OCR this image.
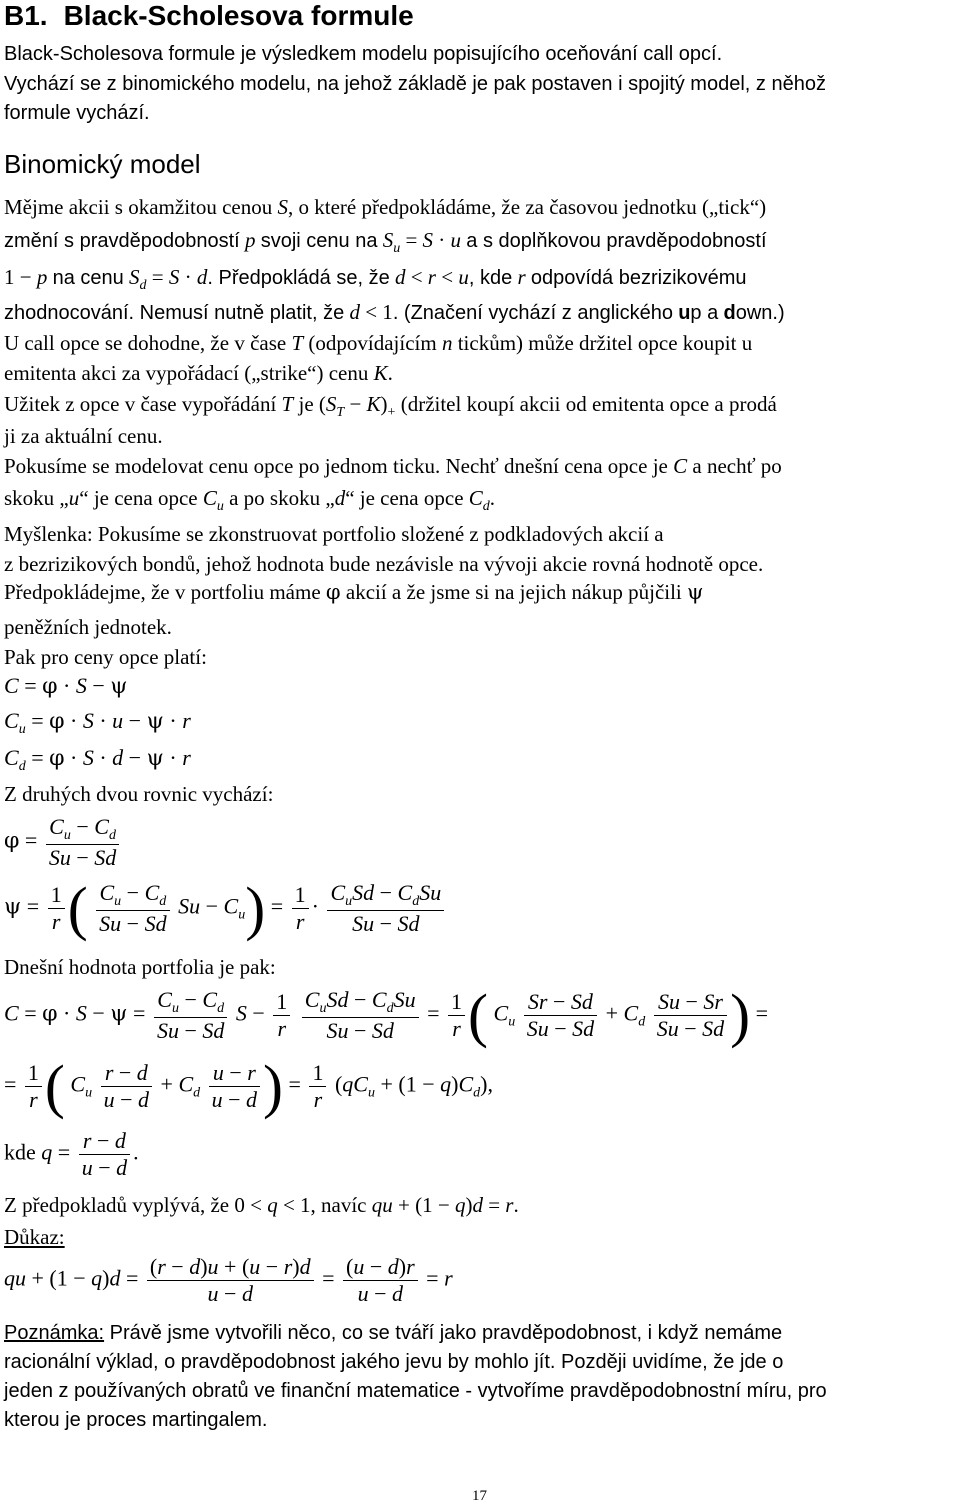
B1. Black-Scholesova formule
Black-Scholesova formule je výsledkem modelu popisujícího oceňování call opcí.
Vychází se z binomického modelu, na jehož základě je pak postaven i spojitý model, z něhož
formule vychází.
Binomický model
Mějme akcii s okamžitou cenou S, o které předpokládáme, že za časovou jednotku („tick“)
změní s pravděpodobností p svoji cenu na $S_u = S \cdot u$ a s doplňkovou pravděpodobností
1 − p na cenu $S_d = S \cdot d$. Předpokládá se, že d < r < u, kde r odpovídá bezrizikovému
zhodnocování. Nemusí nutně platit, že d < 1. (Značení vychází z anglického up a down.)
U call opce se dohodne, že v čase T (odpovídajícím n tickům) může držitel opce koupit u
emitenta akci za vypořádací („strike“) cenu K.
Užitek z opce v čase vypořádání T je $(S_T - K)_+$ (držitel koupí akcii od emitenta opce a prodá
ji za aktuální cenu.
Pokusíme se modelovat cenu opce po jednom ticku. Nechť dnešní cena opce je C a nechť po
skoku „u“ je cena opce $C_u$ a po skoku „d“ je cena opce $C_d$.
Myšlenka: Pokusíme se zkonstruovat portfolio složené z podkladových akcií a
z bezrizikových bondů, jehož hodnota bude nezávisle na vývoji akcie rovná hodnotě opce.
Předpokládejme, že v portfoliu máme φ akcií a že jsme si na jejich nákup půjčili ψ
peněžních jednotek.
Pak pro ceny opce platí:
C = φ · S − ψ
$C_u = \varphi \cdot S \cdot u - \psi \cdot r$
$C_d = \varphi \cdot S \cdot d - \psi \cdot r$
Z druhých dvou rovnic vychází:
$\varphi = \frac{C_u - C_d}{Su - Sd}$
$\psi = \frac{1}{r}$ ( $\frac{C_u - C_d}{Su - Sd}$ $Su - C_u) = \frac{1}{r} \cdot \frac{C_uSd - C_dSu}{Su - Sd}$
Dnešní hodnota portfolia je pak:
$C = \varphi \cdot S - \psi = \frac{C_u - C_d}{Su - Sd}$ $S - \frac{1}{r}$
$\frac{C_uSd - C_dSu}{Su - Sd} = \frac{1}{r}$ ( $C_u \frac{Sr - Sd}{Su - Sd} + C_d \frac{Su - Sr}{Su - Sd}$ ) =
= $\frac{1}{r}$ ( $C_u \frac{r - d}{u - d} + C_d \frac{u - r}{u - d}$ ) = $\frac{1}{r} (qC_u + (1 - q)C_d)$,
kde $q = \frac{r - d}{u - d}$ .
Z předpokladů vyplývá, že 0 < q < 1, navíc qu + (1 − q)d = r.
Důkaz:
qu + $(1 - q)d = \frac{(r - d)u + (u - r)d}{u - d} = \frac{(u - d)r}{u - d} = r$
Poznámka: Právě jsme vytvořili něco, co se tváří jako pravděpodobnost, i když nemáme
racionální výklad, o pravděpodobnost jakého jevu by mohlo jít. Později uvidíme, že jde o
jeden z používaných obratů ve finanční matematice - vytvoříme pravděpodobnostní míru, pro
kterou je proces martingalem.
17
